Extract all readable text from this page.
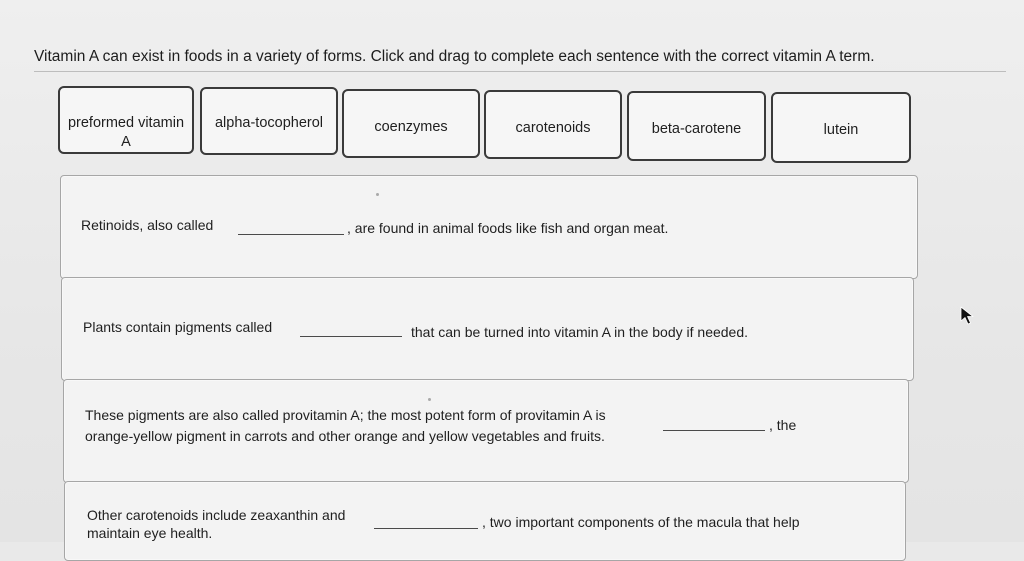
Vitamin A can exist in foods in a variety of forms. Click and drag to complete each sentence with the correct vitamin A term.
preformed vitamin
A
alpha-tocopherol	coenzymes	carotenoids	beta-carotene	lutein
Retinoids, also called	, are found in animal foods like fish and organ meat.
Plants contain pigments called	that can be turned into vitamin A in the body if needed.
These pigments are also called provitamin A; the most potent form of provitamin A is
, the
orange-yellow pigment in carrots and other orange and yellow vegetables and fruits.
Other carotenoids include zeaxanthin and	, two important components of the macula that help
maintain eye health.
